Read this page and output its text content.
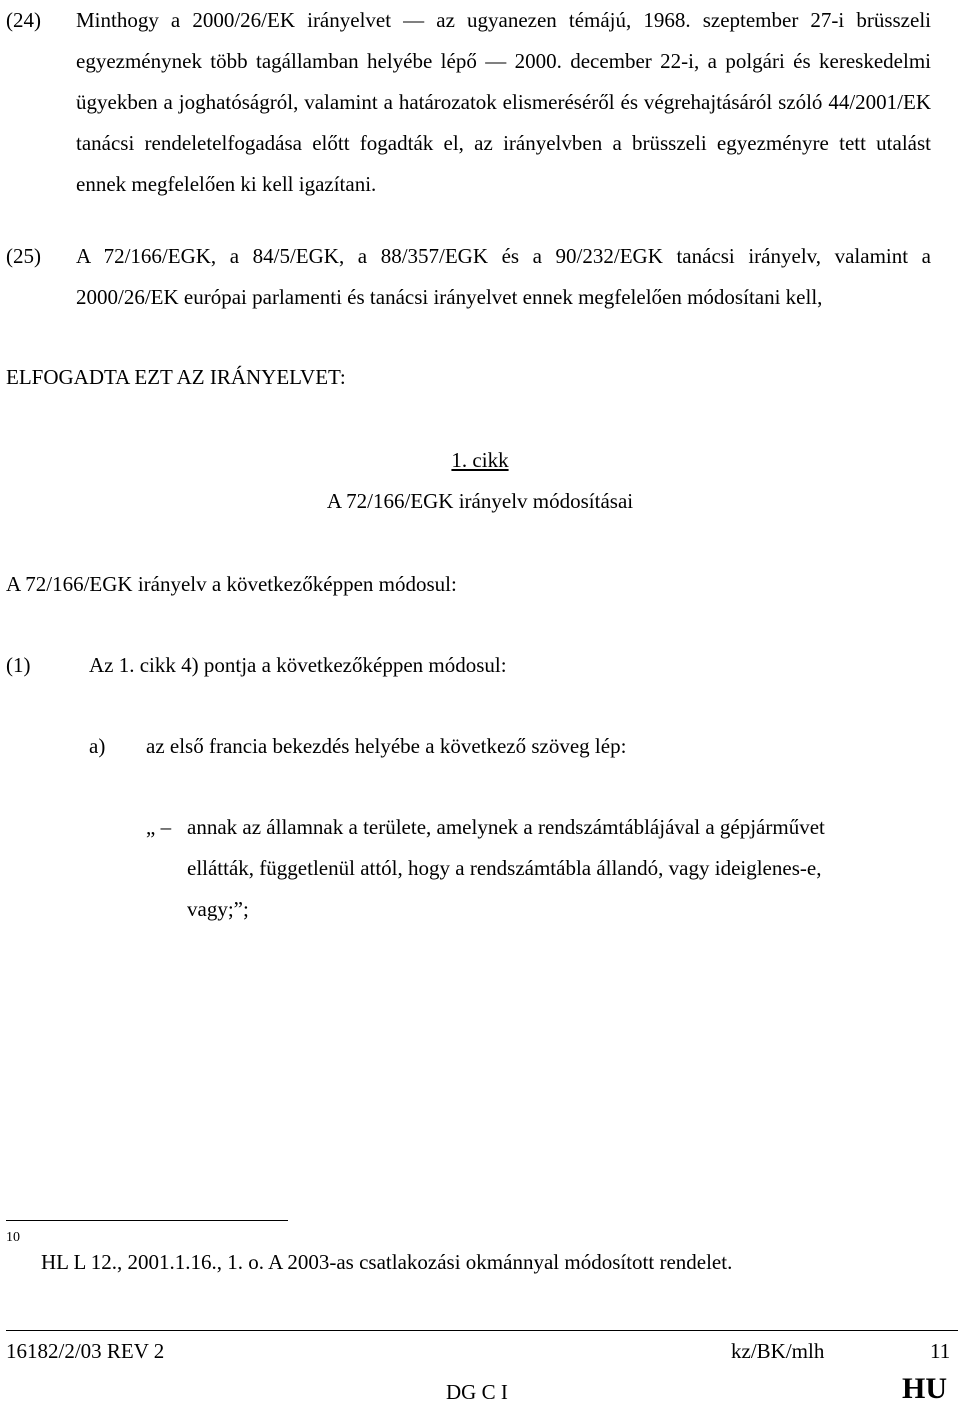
(24) Minthogy a 2000/26/EK irányelvet — az ugyanezen témájú, 1968. szeptember 27-i brüsszeli egyezménynek több tagállamban helyébe lépő — 2000. december 22-i, a polgári és kereskedelmi ügyekben a joghatóságról, valamint a határozatok elismeréséről és végrehajtásáról szóló 44/2001/EK tanácsi rendeletelfogadása előtt fogadták el, az irányelvben a brüsszeli egyezményre tett utalást ennek megfelelően ki kell igazítani.
(25) A 72/166/EGK, a 84/5/EGK, a 88/357/EGK és a 90/232/EGK tanácsi irányelv, valamint a 2000/26/EK európai parlamenti és tanácsi irányelvet ennek megfelelően módosítani kell,
ELFOGADTA EZT AZ IRÁNYELVET:
1. cikk
A 72/166/EGK irányelv módosításai
A 72/166/EGK irányelv a következőképpen módosul:
(1)	Az 1. cikk 4) pontja a következőképpen módosul:
a) az első francia bekezdés helyébe a következő szöveg lép:
„ – annak az államnak a területe, amelynek a rendszámtáblájával a gépjárművet
ellátták, függetlenül attól, hogy a rendszámtábla állandó, vagy ideiglenes-e,
vagy;”;
10
HL L 12., 2001.1.16., 1. o. A 2003-as csatlakozási okmánnyal módosított rendelet.
16182/2/03 REV 2	kz/BK/mlh	11
DG C I	HU
